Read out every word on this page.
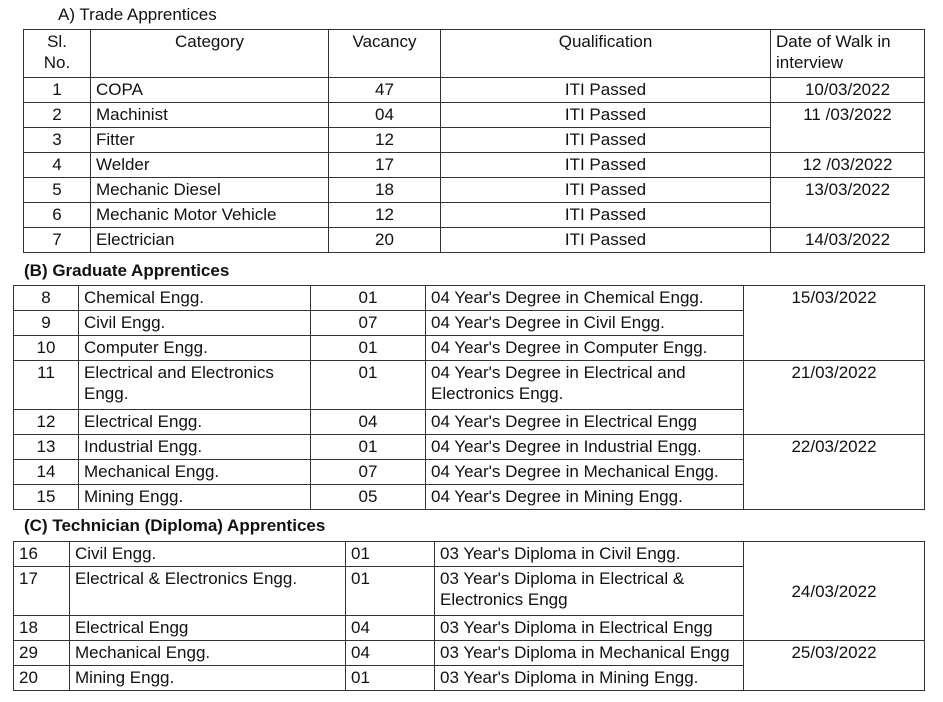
A) Trade Apprentices
Sl.
No.	Category	Vacancy	Qualification	Date of Walk in interview
1	COPA	47	ITI Passed	10/03/2022
2	Machinist	04	ITI Passed	11 /03/2022
3	Fitter	12	ITI Passed	
4	Welder	17	ITI Passed	12 /03/2022
5	Mechanic Diesel	18	ITI Passed	13/03/2022
6	Mechanic Motor Vehicle	12	ITI Passed	
7	Electrician	20	ITI Passed	14/03/2022
(B) Graduate Apprentices
8	Chemical Engg.	01	04 Year's Degree in Chemical Engg.	15/03/2022
9	Civil Engg.	07	04 Year's Degree in Civil Engg.	
10	Computer Engg.	01	04 Year's Degree in Computer Engg.	
11	Electrical and Electronics Engg.	01	04 Year's Degree in Electrical and Electronics Engg.	21/03/2022
12	Electrical Engg.	04	04 Year's Degree in Electrical Engg	
13	Industrial Engg.	01	04 Year's Degree in Industrial Engg.	22/03/2022
14	Mechanical Engg.	07	04 Year's Degree in Mechanical Engg.	
15	Mining Engg.	05	04 Year's Degree in Mining Engg.	
(C) Technician (Diploma) Apprentices
16	Civil Engg.	01	03 Year's Diploma in Civil Engg.	24/03/2022
17	Electrical & Electronics Engg.	01	03 Year's Diploma in Electrical & Electronics Engg	
18	Electrical Engg	04	03 Year's Diploma in Electrical Engg	
29	Mechanical Engg.	04	03 Year's Diploma in Mechanical Engg	25/03/2022
20	Mining Engg.	01	03 Year's Diploma in Mining Engg.	
